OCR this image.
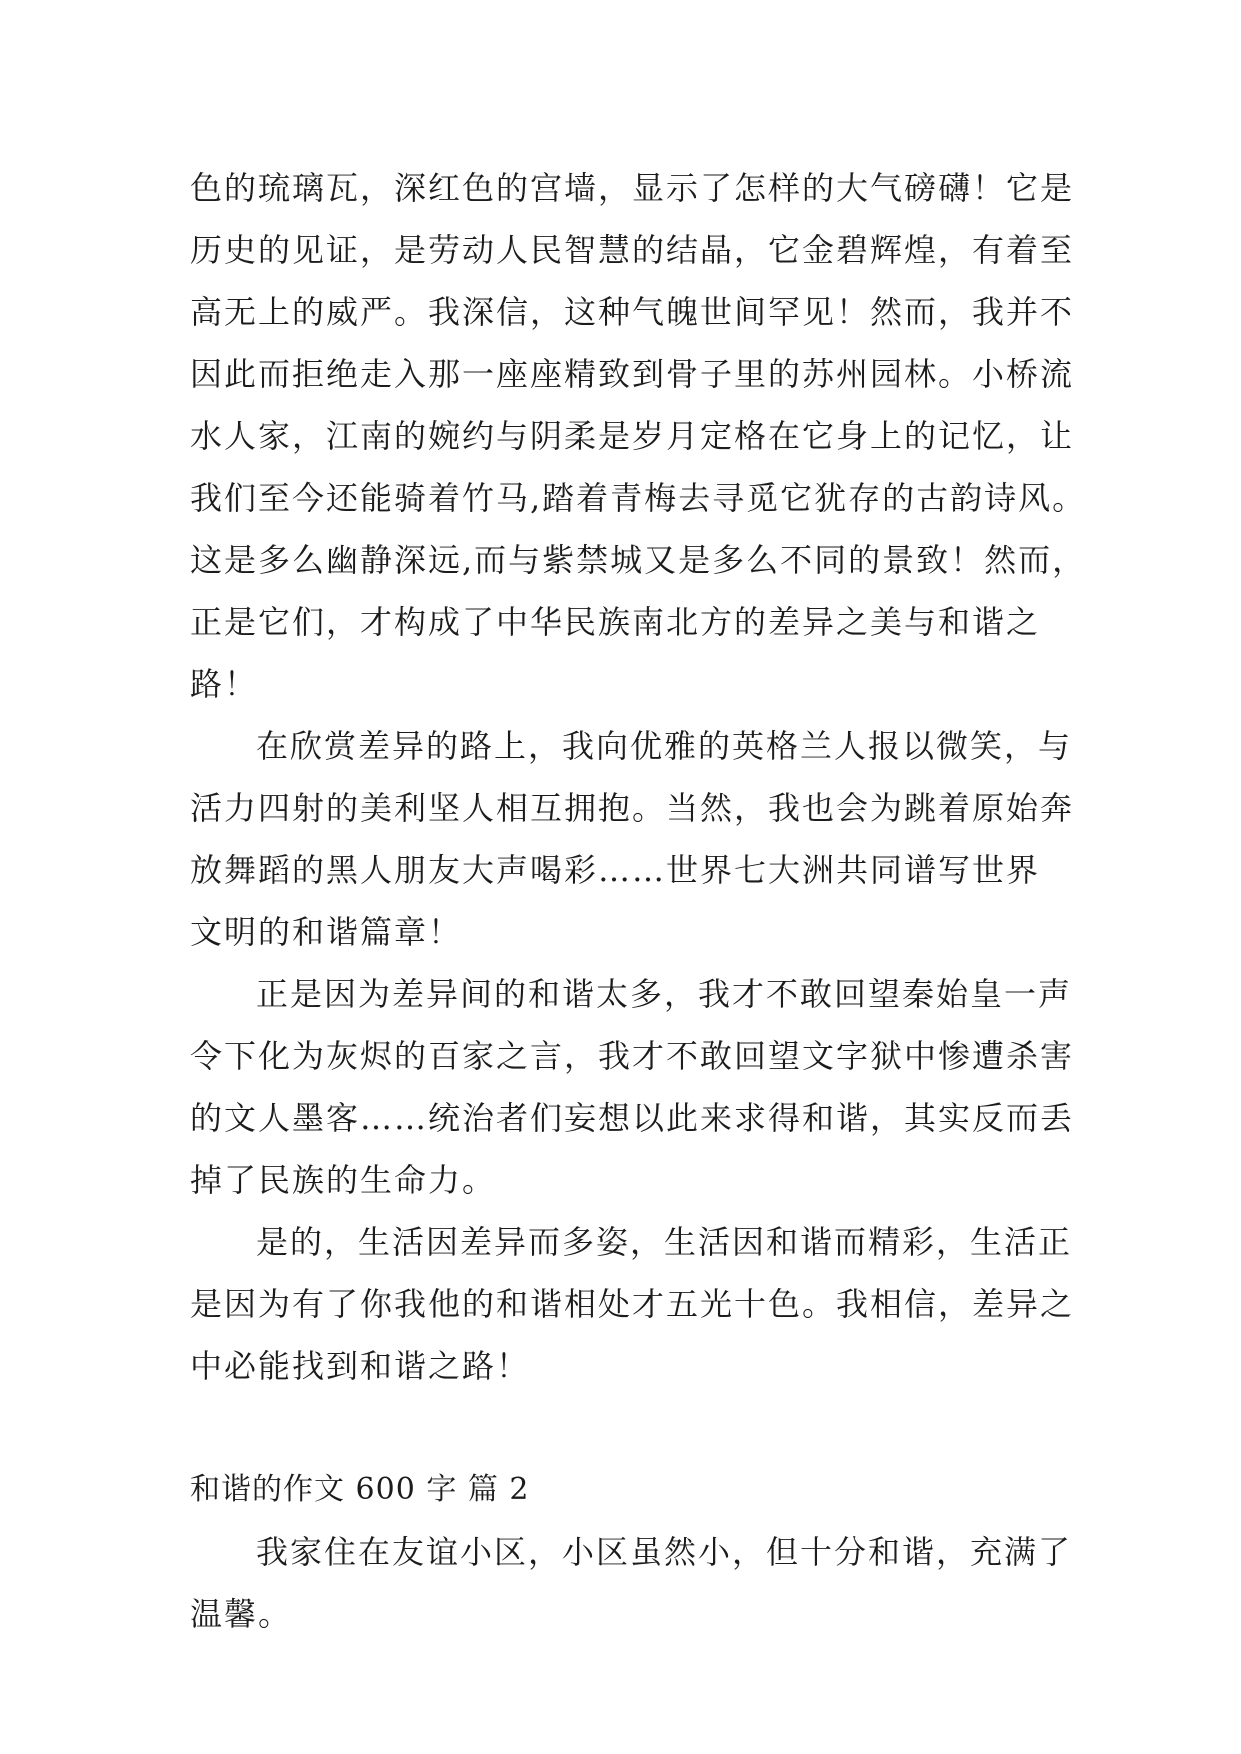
色的琉璃瓦，深红色的宫墙，显示了怎样的大气磅礴！它是
历史的见证，是劳动人民智慧的结晶，它金碧辉煌，有着至
高无上的威严。我深信，这种气魄世间罕见！然而，我并不
因此而拒绝走入那一座座精致到骨子里的苏州园林。小桥流
水人家，江南的婉约与阴柔是岁月定格在它身上的记忆，让
我们至今还能骑着竹马,踏着青梅去寻觅它犹存的古韵诗风。
这是多么幽静深远,而与紫禁城又是多么不同的景致！然而，
正是它们，才构成了中华民族南北方的差异之美与和谐之
路！
在欣赏差异的路上，我向优雅的英格兰人报以微笑，与
活力四射的美利坚人相互拥抱。当然，我也会为跳着原始奔
放舞蹈的黑人朋友大声喝彩……世界七大洲共同谱写世界
文明的和谐篇章！
正是因为差异间的和谐太多，我才不敢回望秦始皇一声
令下化为灰烬的百家之言，我才不敢回望文字狱中惨遭杀害
的文人墨客……统治者们妄想以此来求得和谐，其实反而丢
掉了民族的生命力。
是的，生活因差异而多姿，生活因和谐而精彩，生活正
是因为有了你我他的和谐相处才五光十色。我相信，差异之
中必能找到和谐之路！
和谐的作文 600 字 篇 2
我家住在友谊小区，小区虽然小，但十分和谐，充满了
温馨。
